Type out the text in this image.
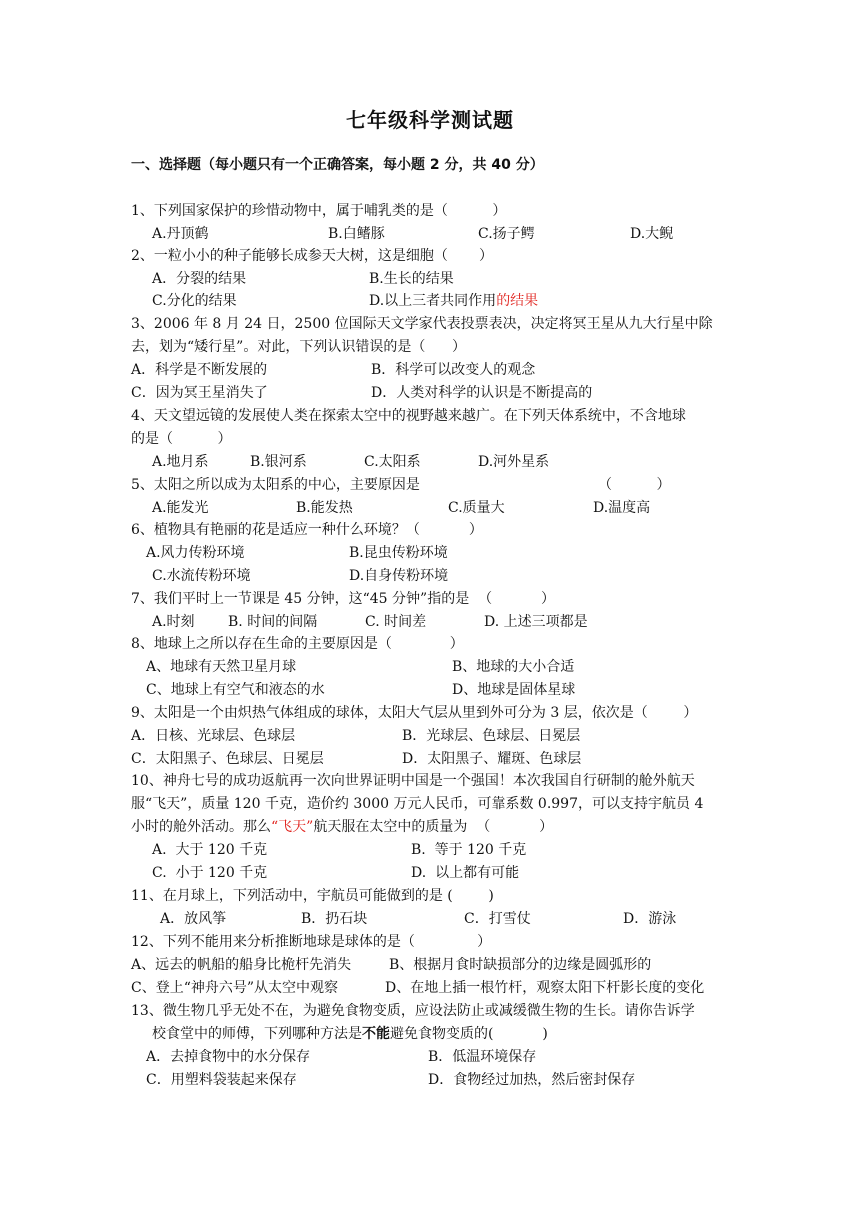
七年级科学测试题
一、选择题（每小题只有一个正确答案，每小题 2 分，共 40 分）
1、下列国家保护的珍惜动物中，属于哺乳类的是（          ）
A.丹顶鹤	B.白鳍豚	C.扬子鳄	D.大鲵
2、一粒小小的种子能够长成参天大树，这是细胞（       ）
A．分裂的结果	B.生长的结果
C.分化的结果	D.以上三者共同作用的结果
3、2006 年 8 月 24 日，2500 位国际天文学家代表投票表决，决定将冥王星从九大行星中除
去，划为“矮行星”。对此，下列认识错误的是（      ）
A．科学是不断发展的	B．科学可以改变人的观念
C．因为冥王星消失了	D．人类对科学的认识是不断提高的
4、天文望远镜的发展使人类在探索太空中的视野越来越广。在下列天体系统中，不含地球
的是（          ）
A.地月系	B.银河系	C.太阳系	D.河外星系
5、太阳之所以成为太阳系的中心，主要原因是	（          ）
A.能发光	B.能发热	C.质量大	D.温度高
6、植物具有艳丽的花是适应一种什么环境？（           ）
A.风力传粉环境	B.昆虫传粉环境
C.水流传粉环境	D.自身传粉环境
7、我们平时上一节课是 45 分钟，这“45 分钟”指的是  （           ）
A.时刻 B. 时间的间隔	C. 时间差	D. 上述三项都是
8、地球上之所以存在生命的主要原因是（             ）
A、地球有天然卫星月球	B、地球的大小合适
C、地球上有空气和液态的水	D、地球是固体星球
9、太阳是一个由炽热气体组成的球体，太阳大气层从里到外可分为 3 层，依次是（        ）
A．日核、光球层、色球层	B．光球层、色球层、日冕层
C．太阳黑子、色球层、日冕层	D．太阳黑子、耀斑、色球层
10、神舟七号的成功返航再一次向世界证明中国是一个强国！本次我国自行研制的舱外航天
服“飞天”，质量 120 千克，造价约 3000 万元人民币，可靠系数 0.997，可以支持宇航员 4
小时的舱外活动。那么“飞天”航天服在太空中的质量为  （           ）
A.  大于 120 千克	B.  等于 120 千克
C.  小于 120 千克	D.  以上都有可能
11、在月球上，下列活动中，宇航员可能做到的是 (        )
A．放风筝	B．扔石块	C．打雪仗	D．游泳
12、下列不能用来分析推断地球是球体的是（              ）
A、远去的帆船的船身比桅杆先消失	B、根据月食时缺损部分的边缘是圆弧形的
C、登上“神舟六号”从太空中观察	D、在地上插一根竹杆，观察太阳下杆影长度的变化
13、微生物几乎无处不在，为避免食物变质，应设法防止或减缓微生物的生长。请你告诉学
校食堂中的师傅，下列哪种方法是不能避免食物变质的(           )
A．去掉食物中的水分保存	B．低温环境保存
C．用塑料袋装起来保存	D．食物经过加热，然后密封保存
